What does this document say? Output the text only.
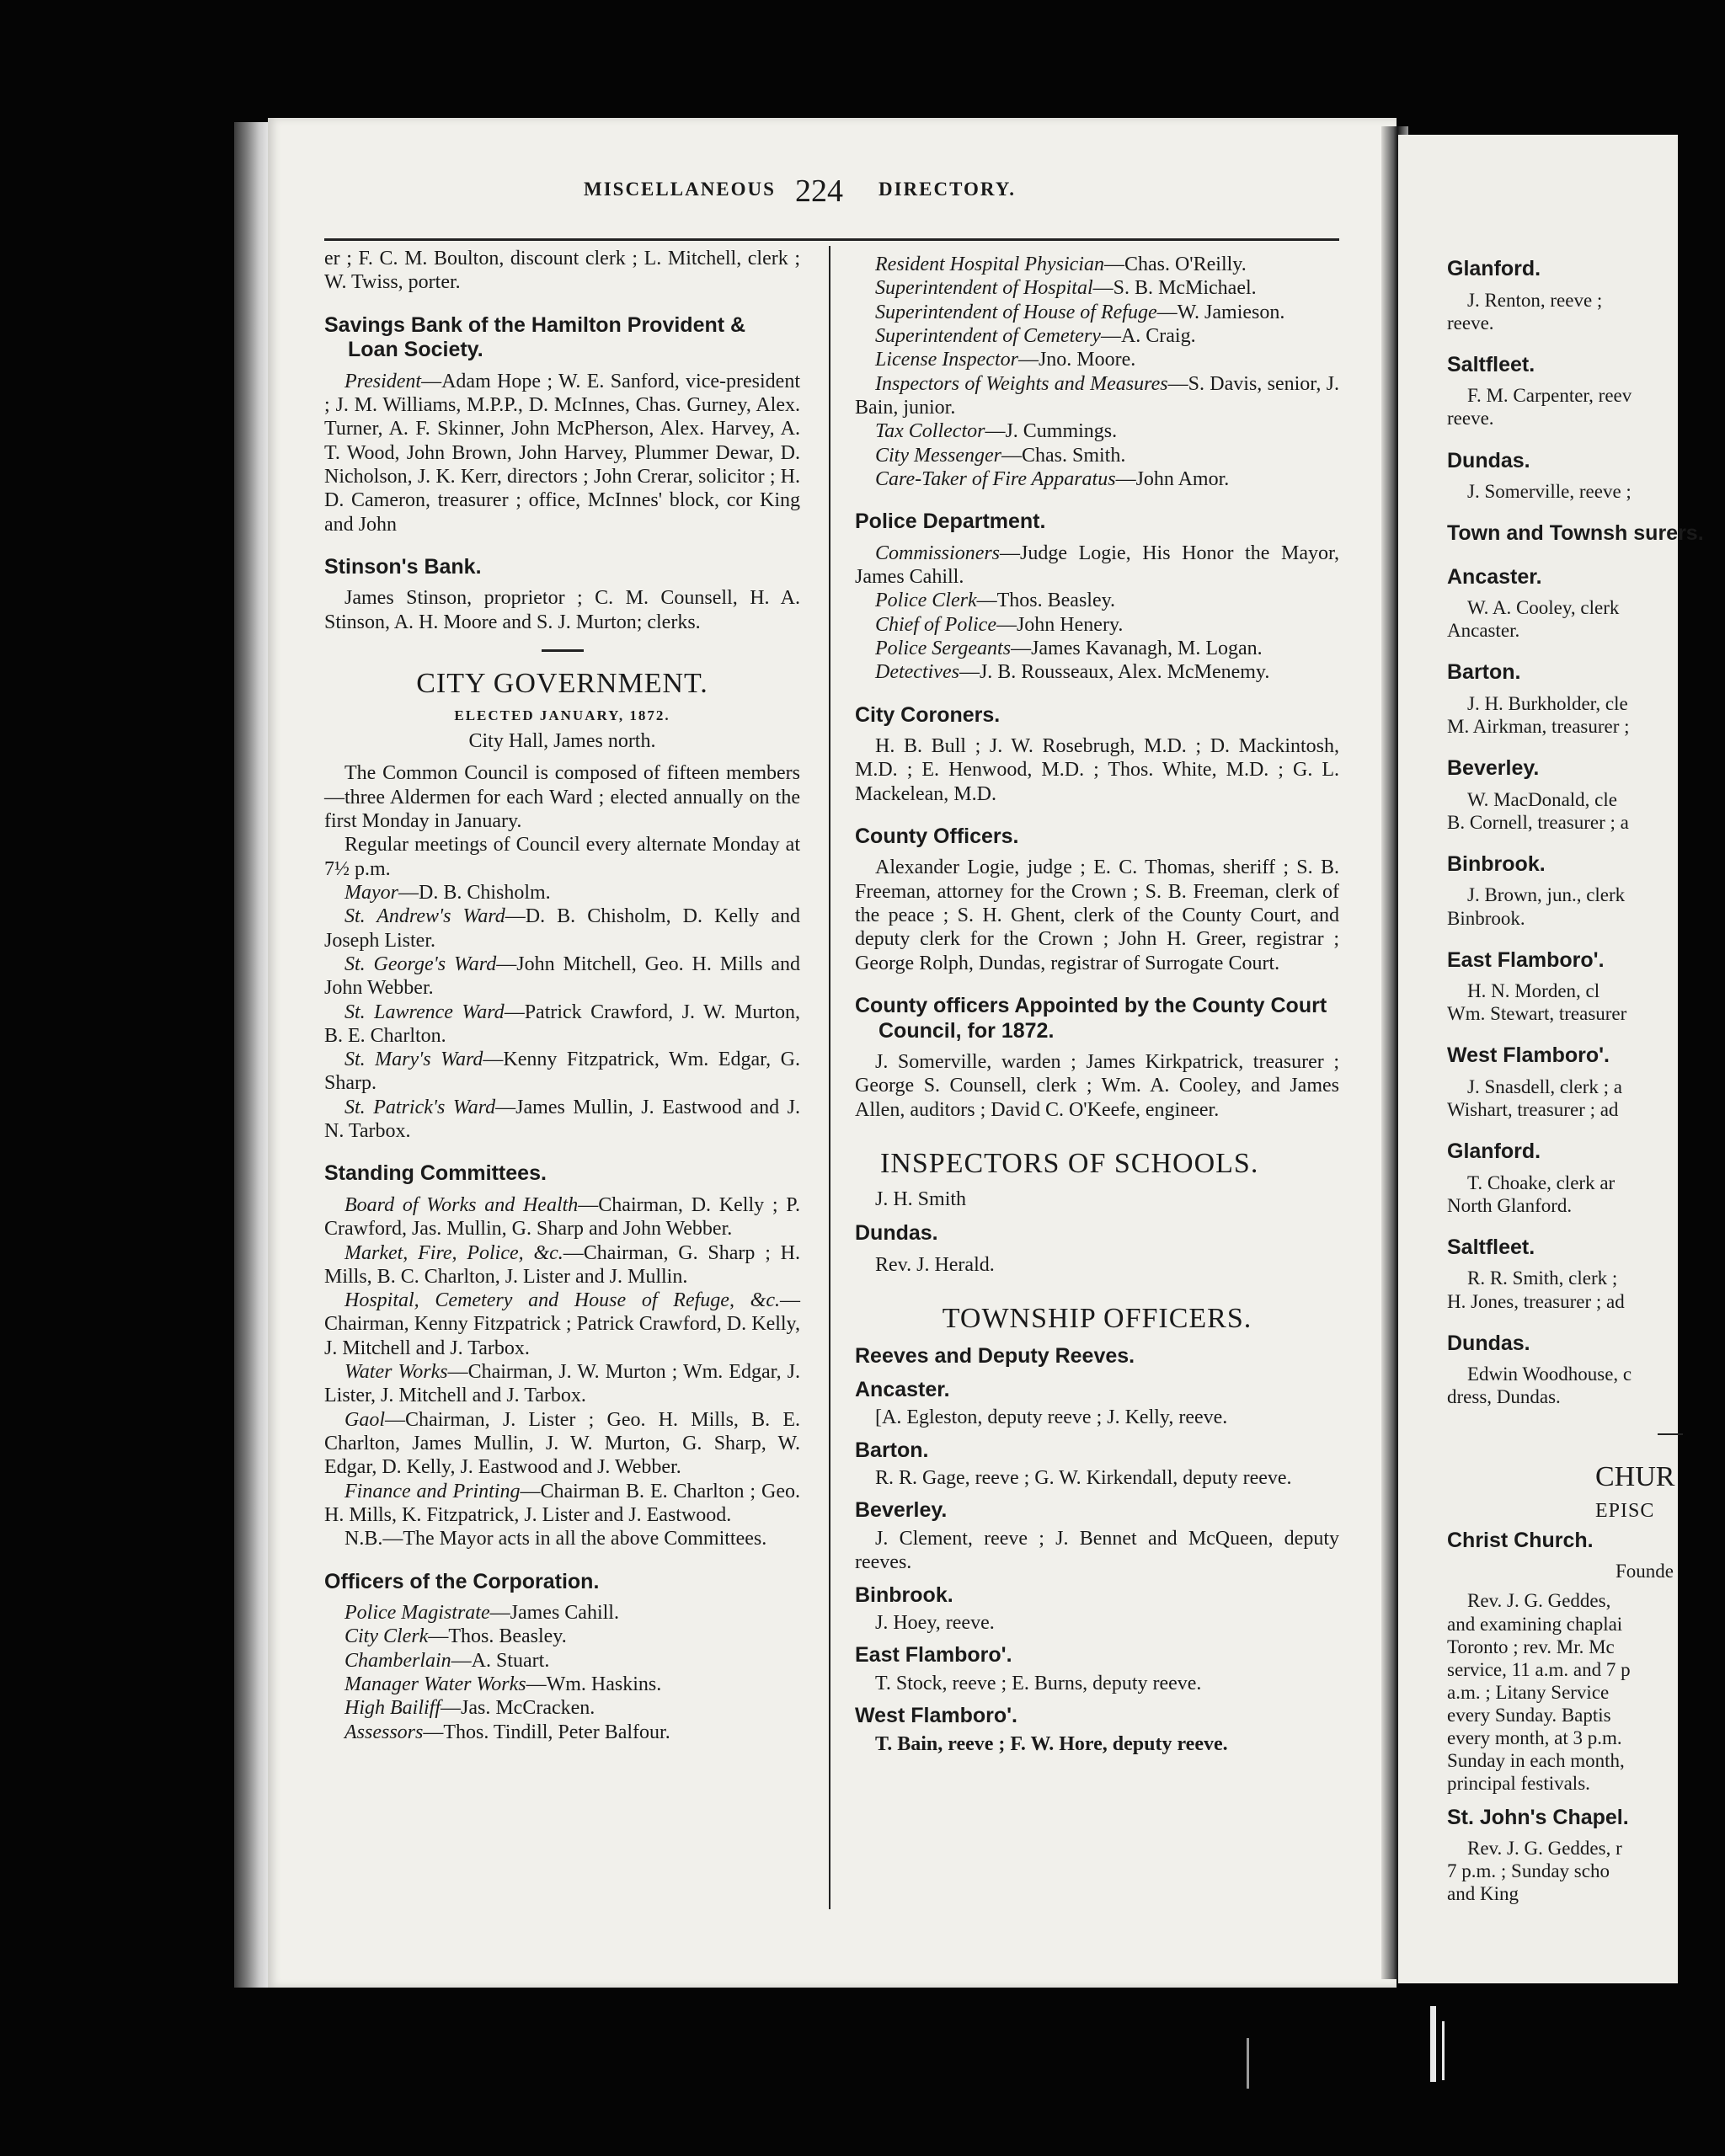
MISCELLANEOUS 224 DIRECTORY.

er ; F. C. M. Boulton, discount clerk ; L. Mitchell, clerk ; W. Twiss, porter.

Savings Bank of the Hamilton Provident & Loan Society.

President—Adam Hope ; W. E. Sanford, vice-president ; J. M. Williams, M.P.P., D. McInnes, Chas. Gurney, Alex. Turner, A. F. Skinner, John McPherson, Alex. Harvey, A. T. Wood, John Brown, John Harvey, Plummer Dewar, D. Nicholson, J. K. Kerr, directors ; John Crerar, solicitor ; H. D. Cameron, treasurer ; office, McInnes' block, cor King and John

Stinson's Bank.

James Stinson, proprietor ; C. M. Counsell, H. A. Stinson, A. H. Moore and S. J. Murton; clerks.

CITY GOVERNMENT.
ELECTED JANUARY, 1872.
City Hall, James north.

The Common Council is composed of fifteen members—three Aldermen for each Ward ; elected annually on the first Monday in January.

Regular meetings of Council every alternate Monday at 7½ p.m.

Mayor—D. B. Chisholm.

St. Andrew's Ward—D. B. Chisholm, D. Kelly and Joseph Lister.

St. George's Ward—John Mitchell, Geo. H. Mills and John Webber.

St. Lawrence Ward—Patrick Crawford, J. W. Murton, B. E. Charlton.

St. Mary's Ward—Kenny Fitzpatrick, Wm. Edgar, G. Sharp.

St. Patrick's Ward—James Mullin, J. Eastwood and J. N. Tarbox.

Standing Committees.

Board of Works and Health—Chairman, D. Kelly ; P. Crawford, Jas. Mullin, G. Sharp and John Webber.

Market, Fire, Police, &c.—Chairman, G. Sharp ; H. Mills, B. C. Charlton, J. Lister and J. Mullin.

Hospital, Cemetery and House of Refuge, &c.—Chairman, Kenny Fitzpatrick ; Patrick Crawford, D. Kelly, J. Mitchell and J. Tarbox.

Water Works—Chairman, J. W. Murton ; Wm. Edgar, J. Lister, J. Mitchell and J. Tarbox.

Gaol—Chairman, J. Lister ; Geo. H. Mills, B. E. Charlton, James Mullin, J. W. Murton, G. Sharp, W. Edgar, D. Kelly, J. Eastwood and J. Webber.

Finance and Printing—Chairman B. E. Charlton ; Geo. H. Mills, K. Fitzpatrick, J. Lister and J. Eastwood.

N.B.—The Mayor acts in all the above Committees.

Officers of the Corporation.

Police Magistrate—James Cahill.

City Clerk—Thos. Beasley.

Chamberlain—A. Stuart.

Manager Water Works—Wm. Haskins.

High Bailiff—Jas. McCracken.

Assessors—Thos. Tindill, Peter Balfour.

Resident Hospital Physician—Chas. O'Reilly.

Superintendent of Hospital—S. B. McMichael.

Superintendent of House of Refuge—W. Jamieson.

Superintendent of Cemetery—A. Craig.

License Inspector—Jno. Moore.

Inspectors of Weights and Measures—S. Davis, senior, J. Bain, junior.

Tax Collector—J. Cummings.

City Messenger—Chas. Smith.

Care-Taker of Fire Apparatus—John Amor.

Police Department.

Commissioners—Judge Logie, His Honor the Mayor, James Cahill.

Police Clerk—Thos. Beasley.

Chief of Police—John Henery.

Police Sergeants—James Kavanagh, M. Logan.

Detectives—J. B. Rousseaux, Alex. McMenemy.

City Coroners.

H. B. Bull ; J. W. Rosebrugh, M.D. ; D. Mackintosh, M.D. ; E. Henwood, M.D. ; Thos. White, M.D. ; G. L. Mackelean, M.D.

County Officers.

Alexander Logie, judge ; E. C. Thomas, sheriff ; S. B. Freeman, attorney for the Crown ; S. B. Freeman, clerk of the peace ; S. H. Ghent, clerk of the County Court, and deputy clerk for the Crown ; John H. Greer, registrar ; George Rolph, Dundas, registrar of Surrogate Court.

County officers Appointed by the County Court Council, for 1872.

J. Somerville, warden ; James Kirkpatrick, treasurer ; George S. Counsell, clerk ; Wm. A. Cooley, and James Allen, auditors ; David C. O'Keefe, engineer.

INSPECTORS OF SCHOOLS.

J. H. Smith

Dundas.

Rev. J. Herald.

TOWNSHIP OFFICERS.
Reeves and Deputy Reeves.
Ancaster.

[A. Egleston, deputy reeve ; J. Kelly, reeve.

Barton.

R. R. Gage, reeve ; G. W. Kirkendall, deputy reeve.

Beverley.

J. Clement, reeve ; J. Bennet and McQueen, deputy reeves.

Binbrook.

J. Hoey, reeve.

East Flamboro'.

T. Stock, reeve ; E. Burns, deputy reeve.

West Flamboro'.

T. Bain, reeve ; F. W. Hore, deputy reeve.

Glanford.

J. Renton, reeve ;

reeve.

Saltfleet.

F. M. Carpenter, reev

reeve.

Dundas.

J. Somerville, reeve ;

Town and Townsh surers.
Ancaster.

W. A. Cooley, clerk

Ancaster.

Barton.

J. H. Burkholder, cle

M. Airkman, treasurer ;

Beverley.

W. MacDonald, cle

B. Cornell, treasurer ; a

Binbrook.

J. Brown, jun., clerk

Binbrook.

East Flamboro'.

H. N. Morden, cl

Wm. Stewart, treasurer

West Flamboro'.

J. Snasdell, clerk ; a

Wishart, treasurer ; ad

Glanford.

T. Choake, clerk ar

North Glanford.

Saltfleet.

R. R. Smith, clerk ;

H. Jones, treasurer ; ad

Dundas.

Edwin Woodhouse, c

dress, Dundas.

CHUR
EPISC
Christ Church.
Founde

Rev. J. G. Geddes,

and examining chaplai

Toronto ; rev. Mr. Mc

service, 11 a.m. and 7 p

a.m. ; Litany Service

every Sunday. Baptis

every month, at 3 p.m.

Sunday in each month,

principal festivals.

St. John's Chapel.

Rev. J. G. Geddes, r

7 p.m. ; Sunday scho

and King
